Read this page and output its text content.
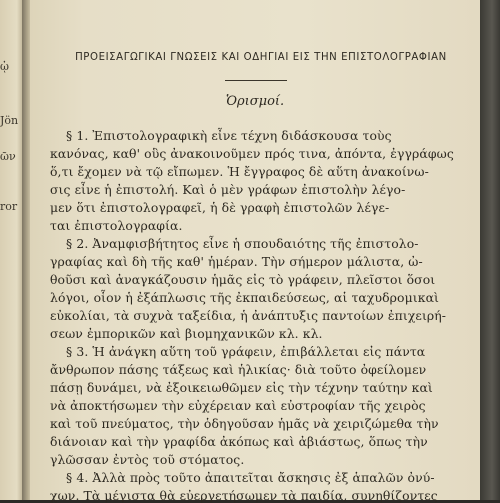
ᾡ
Jön
ῶν
ror
ΠΡΟΕΙΣΑΓΩΓΙΚΑΙ ΓΝΩΣΕΙΣ ΚΑΙ ΟΔΗΓΙΑΙ ΕΙΣ ΤΗΝ ΕΠΙΣΤΟΛΟΓΡΑΦΙΑΝ
Ὁρισμοί.
§ 1. Ἐπιστολογραφικὴ εἶνε τέχνη διδάσκουσα τοὺς
κανόνας, καθ' οὓς ἀνακοινοῦμεν πρός τινα, ἀπόντα, ἐγγράφως
ὅ,τι ἔχομεν νὰ τῷ εἴπωμεν. Ἡ ἔγγραφος δὲ αὕτη ἀνακοίνω-
σις εἶνε ἡ ἐπιστολή. Καὶ ὁ μὲν γράφων ἐπιστολὴν λέγο-
μεν ὅτι ἐπιστολογραφεῖ, ἡ δὲ γραφὴ ἐπιστολῶν λέγε-
ται ἐπιστολογραφία.
§ 2. Ἀναμφισβήτητος εἶνε ἡ σπουδαιότης τῆς ἐπιστολο-
γραφίας καὶ δὴ τῆς καθ' ἡμέραν. Τὴν σήμερον μάλιστα, ὠ-
θοῦσι καὶ ἀναγκάζουσιν ἡμᾶς εἰς τὸ γράφειν, πλεῖστοι ὅσοι
λόγοι, οἷον ἡ ἐξάπλωσις τῆς ἐκπαιδεύσεως, αἱ ταχυδρομικαὶ
εὐκολίαι, τὰ συχνὰ ταξείδια, ἡ ἀνάπτυξις παντοίων ἐπιχειρή-
σεων ἐμπορικῶν καὶ βιομηχανικῶν κλ. κλ.
§ 3. Ἡ ἀνάγκη αὕτη τοῦ γράφειν, ἐπιβάλλεται εἰς πάντα
ἄνθρωπον πάσης τάξεως καὶ ἡλικίας· διὰ τοῦτο ὀφείλομεν
πάσῃ δυνάμει, νὰ ἐξοικειωθῶμεν εἰς τὴν τέχνην ταύτην καὶ
νὰ ἀποκτήσωμεν τὴν εὐχέρειαν καὶ εὐστροφίαν τῆς χειρὸς
καὶ τοῦ πνεύματος, τὴν ὁδηγοῦσαν ἡμᾶς νὰ χειριζώμεθα τὴν
διάνοιαν καὶ τὴν γραφίδα ἀκόπως καὶ ἀβιάστως, ὅπως τὴν
γλῶσσαν ἐντὸς τοῦ στόματος.
§ 4. Ἀλλὰ πρὸς τοῦτο ἀπαιτεῖται ἄσκησις ἐξ ἁπαλῶν ὀνύ-
χων. Τὰ μέγιστα θὰ εὐεργετήσωμεν τὰ παιδία, συνηθίζοντες
